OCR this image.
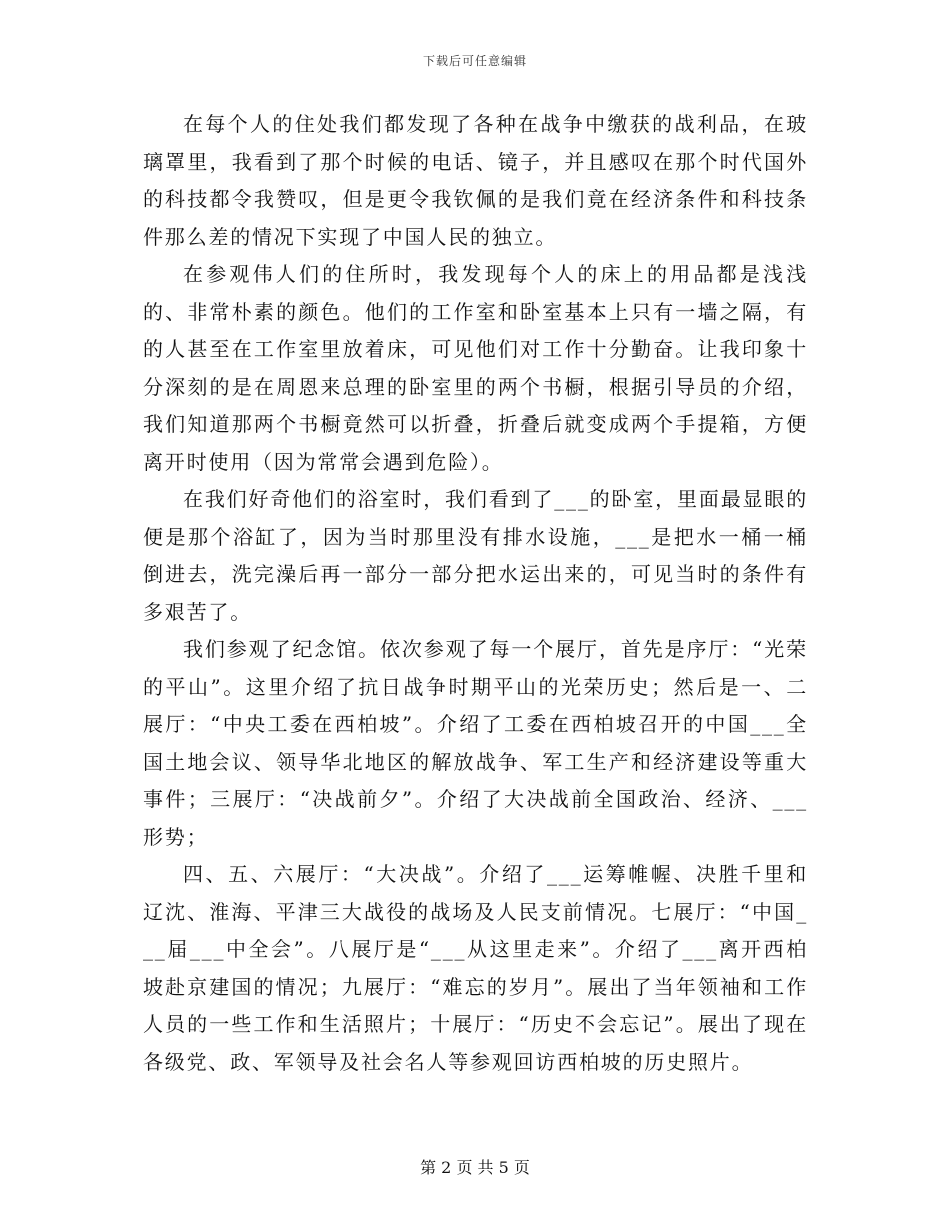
下载后可任意编辑

在每个人的住处我们都发现了各种在战争中缴获的战利品，在玻璃罩里，我看到了那个时候的电话、镜子，并且感叹在那个时代国外的科技都令我赞叹，但是更令我钦佩的是我们竟在经济条件和科技条件那么差的情况下实现了中国人民的独立。

在参观伟人们的住所时，我发现每个人的床上的用品都是浅浅的、非常朴素的颜色。他们的工作室和卧室基本上只有一墙之隔，有的人甚至在工作室里放着床，可见他们对工作十分勤奋。让我印象十分深刻的是在周恩来总理的卧室里的两个书橱，根据引导员的介绍，我们知道那两个书橱竟然可以折叠，折叠后就变成两个手提箱，方便离开时使用（因为常常会遇到危险）。

在我们好奇他们的浴室时，我们看到了___的卧室，里面最显眼的便是那个浴缸了，因为当时那里没有排水设施，___是把水一桶一桶倒进去，洗完澡后再一部分一部分把水运出来的，可见当时的条件有多艰苦了。

我们参观了纪念馆。依次参观了每一个展厅，首先是序厅：“光荣的平山”。这里介绍了抗日战争时期平山的光荣历史；然后是一、二展厅：“中央工委在西柏坡”。介绍了工委在西柏坡召开的中国___全国土地会议、领导华北地区的解放战争、军工生产和经济建设等重大事件；三展厅：“决战前夕”。介绍了大决战前全国政治、经济、___形势；

四、五、六展厅：“大决战”。介绍了___运筹帷幄、决胜千里和辽沈、淮海、平津三大战役的战场及人民支前情况。七展厅：“中国___届___中全会”。八展厅是“___从这里走来”。介绍了___离开西柏坡赴京建国的情况；九展厅：“难忘的岁月”。展出了当年领袖和工作人员的一些工作和生活照片；十展厅：“历史不会忘记”。展出了现在各级党、政、军领导及社会名人等参观回访西柏坡的历史照片。

第 2 页 共 5 页
